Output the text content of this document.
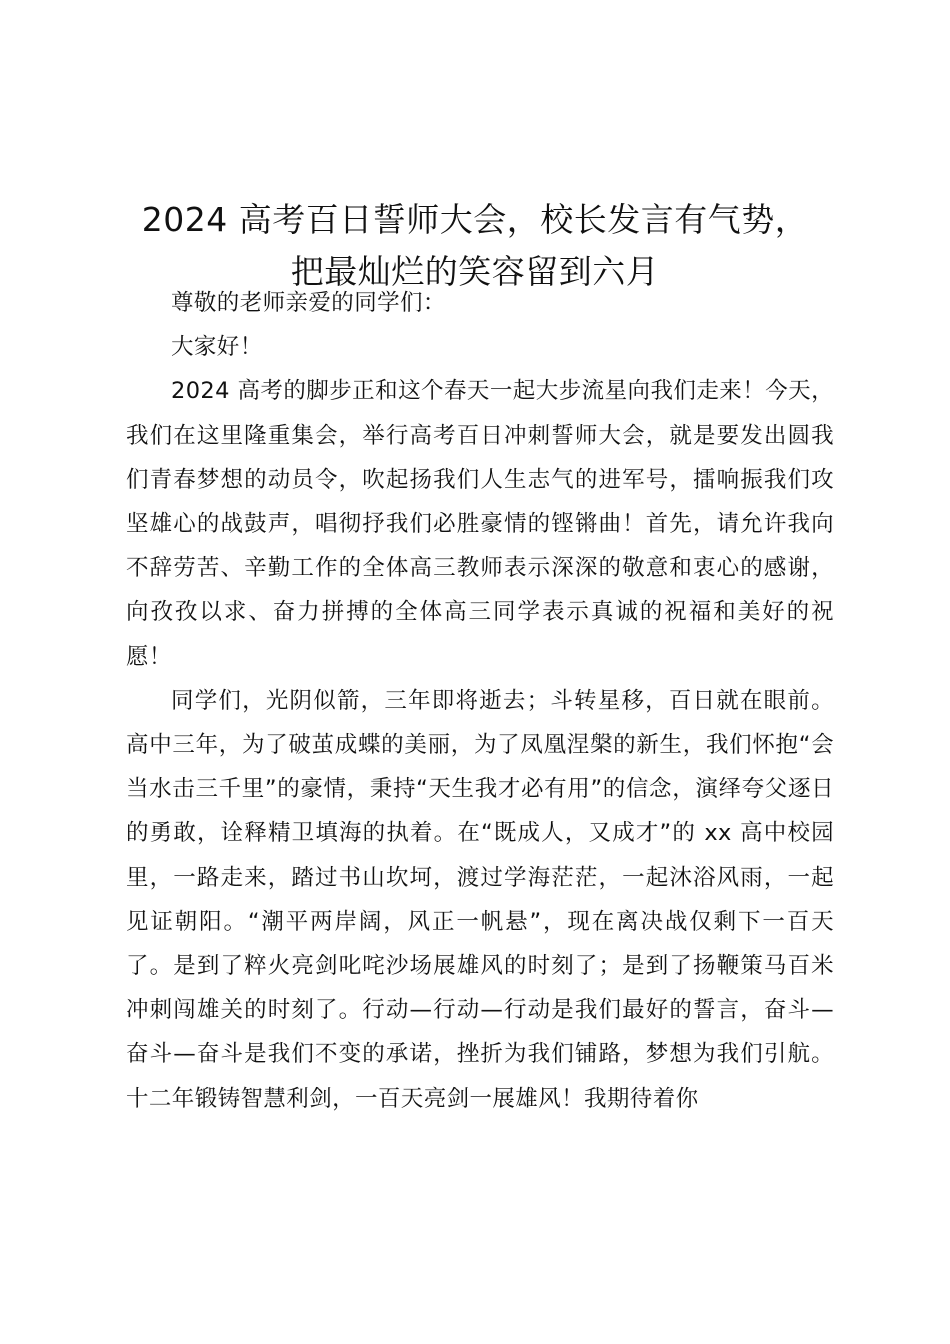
2024 高考百日誓师大会，校长发言有气势，
把最灿烂的笑容留到六月

尊敬的老师亲爱的同学们：

大家好！

2024 高考的脚步正和这个春天一起大步流星向我们走来！今天，我们在这里隆重集会，举行高考百日冲刺誓师大会，就是要发出圆我们青春梦想的动员令，吹起扬我们人生志气的进军号，擂响振我们攻坚雄心的战鼓声，唱彻抒我们必胜豪情的铿锵曲！首先，请允许我向不辞劳苦、辛勤工作的全体高三教师表示深深的敬意和衷心的感谢，向孜孜以求、奋力拼搏的全体高三同学表示真诚的祝福和美好的祝愿！

同学们，光阴似箭，三年即将逝去；斗转星移，百日就在眼前。高中三年，为了破茧成蝶的美丽，为了凤凰涅槃的新生，我们怀抱“会当水击三千里”的豪情，秉持“天生我才必有用”的信念，演绎夸父逐日的勇敢，诠释精卫填海的执着。在“既成人，又成才”的 xx 高中校园里，一路走来，踏过书山坎坷，渡过学海茫茫，一起沐浴风雨，一起见证朝阳。“潮平两岸阔，风正一帆悬”，现在离决战仅剩下一百天了。是到了粹火亮剑叱咤沙场展雄风的时刻了；是到了扬鞭策马百米冲刺闯雄关的时刻了。行动—行动—行动是我们最好的誓言，奋斗—奋斗—奋斗是我们不变的承诺，挫折为我们铺路，梦想为我们引航。十二年锻铸智慧利剑，一百天亮剑一展雄风！我期待着你
